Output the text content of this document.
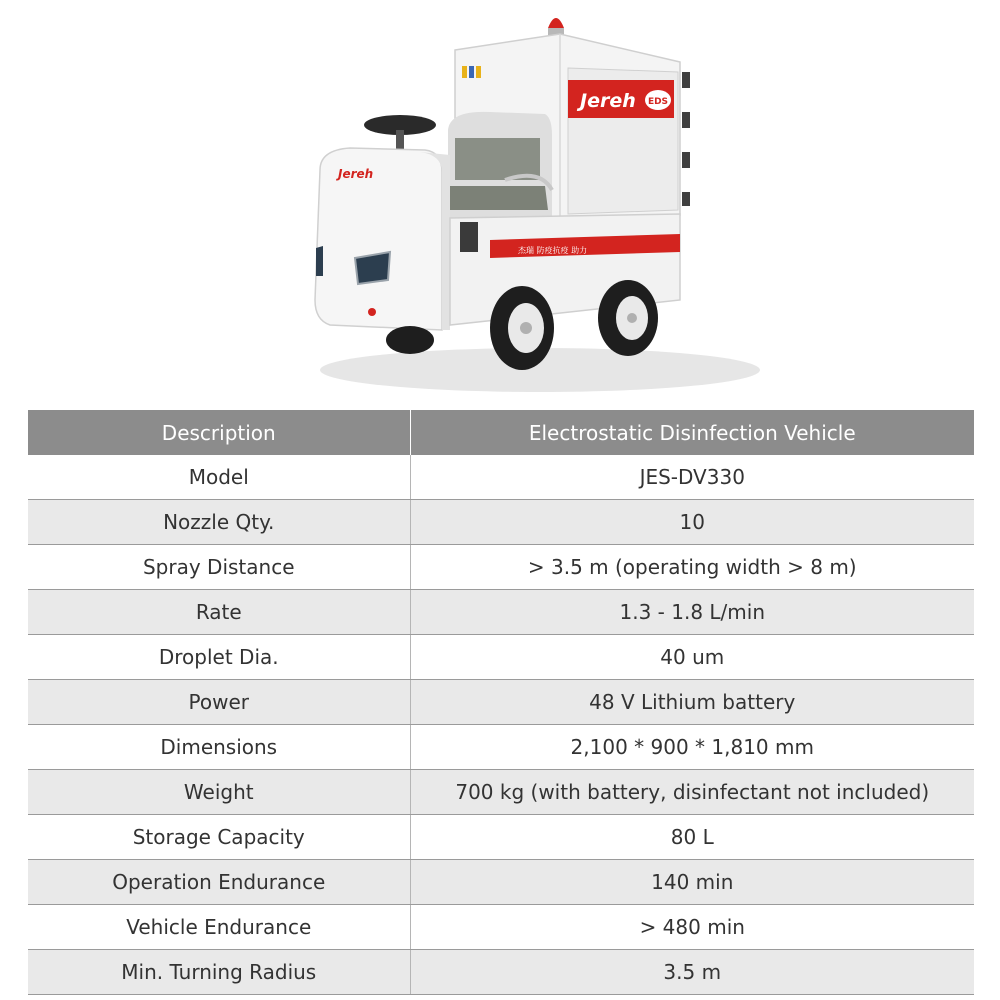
Jereh EDS
Jereh
杰瑞 防疫抗疫 助力
Description	Electrostatic Disinfection Vehicle
Model	JES-DV330
Nozzle Qty.	10
Spray Distance	> 3.5 m (operating width > 8 m)
Rate	1.3 - 1.8 L/min
Droplet Dia.	40 um
Power	48 V Lithium battery
Dimensions	2,100 * 900 * 1,810 mm
Weight	700 kg (with battery, disinfectant not included)
Storage Capacity	80 L
Operation Endurance	140 min
Vehicle Endurance	> 480 min
Min. Turning Radius	3.5 m
